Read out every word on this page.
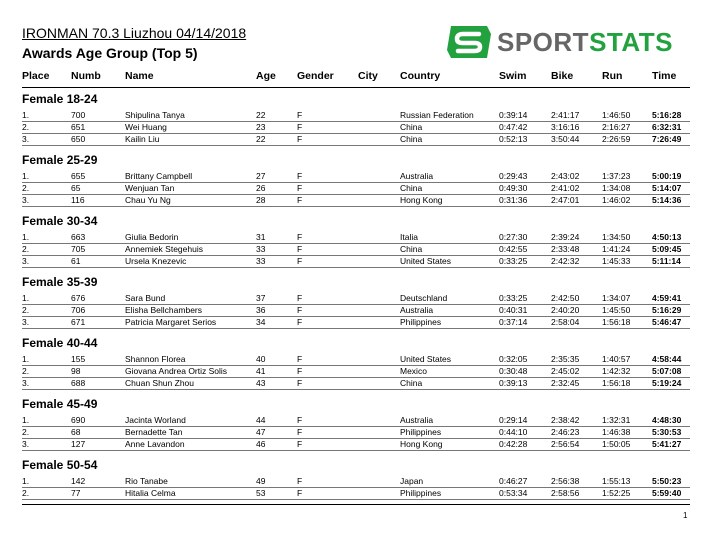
IRONMAN 70.3 Liuzhou 04/14/2018
Awards Age Group (Top 5)	SPORTSTATS
Place Numb Name	Age Gender City Country	Swim Bike	Run	Time
Female 18-24
1.	700	Shipulina Tanya	22	F	Russian Federation	0:39:14	2:41:17	1:46:50	5:16:28
2.	651	Wei Huang	23	F	China	0:47:42	3:16:16	2:16:27	6:32:31
3.	650	Kailin Liu	22	F	China	0:52:13	3:50:44	2:26:59	7:26:49
Female 25-29
1.	655	Brittany Campbell	27	F	Australia	0:29:43	2:43:02	1:37:23	5:00:19
2.	65	Wenjuan Tan	26	F	China	0:49:30	2:41:02	1:34:08	5:14:07
3.	116	Chau Yu Ng	28	F	Hong Kong	0:31:36	2:47:01	1:46:02	5:14:36
Female 30-34
1.	663	Giulia Bedorin	31	F	Italia	0:27:30	2:39:24	1:34:50	4:50:13
2.	705	Annemiek Stegehuis	33	F	China	0:42:55	2:33:48	1:41:24	5:09:45
3.	61	Ursela Knezevic	33	F	United States	0:33:25	2:42:32	1:45:33	5:11:14
Female 35-39
1.	676	Sara Bund	37	F	Deutschland	0:33:25	2:42:50	1:34:07	4:59:41
2.	706	Elisha Bellchambers	36	F	Australia	0:40:31	2:40:20	1:45:50	5:16:29
3.	671	Patricia Margaret Serios	34	F	Philippines	0:37:14	2:58:04	1:56:18	5:46:47
Female 40-44
1.	155	Shannon Florea	40	F	United States	0:32:05	2:35:35	1:40:57	4:58:44
2.	98	Giovana Andrea Ortiz Solis	41	F	Mexico	0:30:48	2:45:02	1:42:32	5:07:08
3.	688	Chuan Shun Zhou	43	F	China	0:39:13	2:32:45	1:56:18	5:19:24
Female 45-49
1.	690	Jacinta Worland	44	F	Australia	0:29:14	2:38:42	1:32:31	4:48:30
2.	68	Bernadette Tan	47	F	Philippines	0:44:10	2:46:23	1:46:38	5:30:53
3.	127	Anne Lavandon	46	F	Hong Kong	0:42:28	2:56:54	1:50:05	5:41:27
Female 50-54
1.	142	Rio Tanabe	49	F	Japan	0:46:27	2:56:38	1:55:13	5:50:23
2.	77	Hitalia Celma	53	F	Philippines	0:53:34	2:58:56	1:52:25	5:59:40
1
